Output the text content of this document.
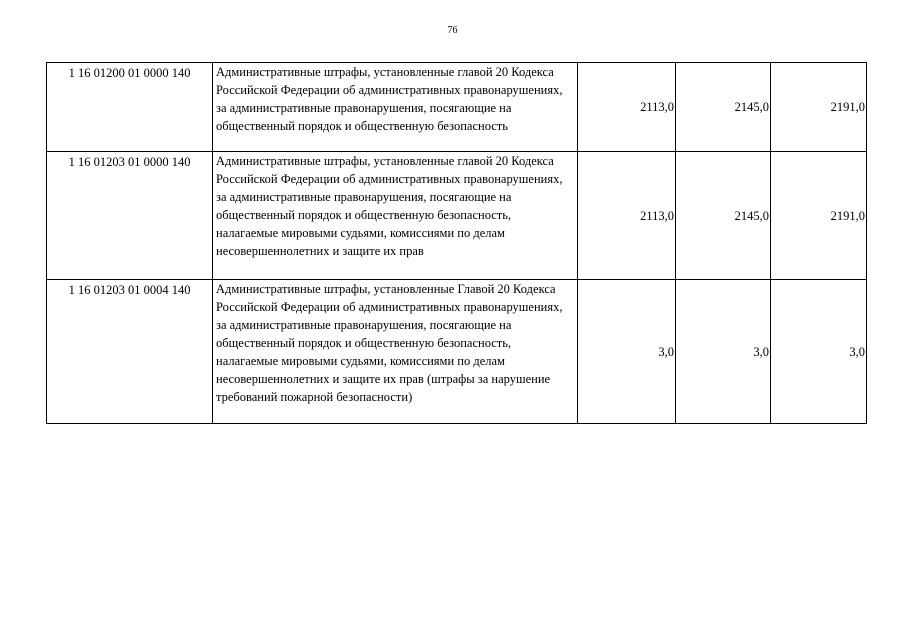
76
1 16 01200 01 0000 140	Административные штрафы, установленные главой 20 Кодекса Российской Федерации об административных правонарушениях, за административные правонарушения, посягающие на общественный порядок и общественную безопасность	2113,0	2145,0	2191,0
1 16 01203 01 0000 140	Административные штрафы, установленные главой 20 Кодекса Российской Федерации об административных правонарушениях, за административные правонарушения, посягающие на общественный порядок и общественную безопасность, налагаемые мировыми судьями, комиссиями по делам несовершеннолетних и защите их прав	2113,0	2145,0	2191,0
1 16 01203 01 0004 140	Административные штрафы, установленные Главой 20 Кодекса Российской Федерации об административных правонарушениях, за административные правонарушения, посягающие на общественный порядок и общественную безопасность, налагаемые мировыми судьями, комиссиями по делам несовершеннолетних и защите их прав (штрафы за нарушение требований пожарной безопасности)	3,0	3,0	3,0
